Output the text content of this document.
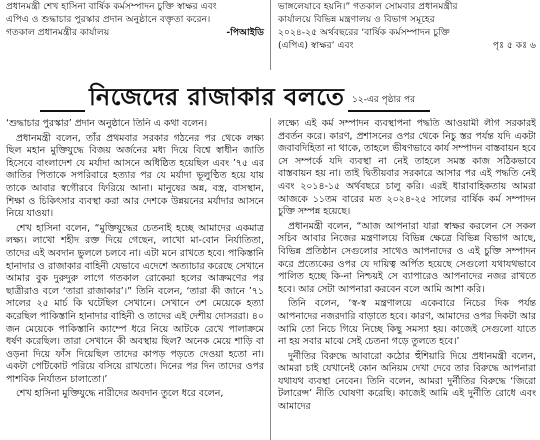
প্রধানমন্ত্রী শেখ হাসিনা বার্ষিক কর্মসম্পাদন চুক্তি স্বাক্ষর এবং
এপিএ ও শুদ্ধাচার পুরস্কার প্রদান অনুষ্ঠানে বক্তৃতা করেন।
গতকাল প্রধানমন্ত্রীর কার্যালয়	-পিআইডি
ভাঙ্গলেযাবে হয়নি।” গতকাল সোমবার প্রধানমন্ত্রীর
কার্যালয়ে বিভিন্ন মন্ত্রণালয় ও বিভাগ সমূহের
২০২৪-২৫ অর্থবছরের ‘বার্ষিক কর্মসম্পাদন চুক্তি
(এপিএ) স্বাক্ষর’ এবং	পৃঃ ৫ কঃ ৬
নিজেদের রাজাকার বলতে ১২-এর পৃষ্ঠার পর

‘শুদ্ধাচার পুরস্কার’ প্রদান অনুষ্ঠানে তিনি এ কথা বলেন।

প্রধানমন্ত্রী বলেন, তাঁর প্রথমবার সরকার গঠনের পর থেকে লক্ষ্য ছিল মহান মুক্তিযুদ্ধে বিজয় অর্জনের মধ্য দিয়ে বিশ্বে স্বাধীন জাতি হিসেবে বাংলাদেশ যে মর্যাদা আসনে অধিষ্ঠিত হয়েছিল এবং ’৭৫ এর জাতির পিতাকে সপরিবারে হত্যার পর যে মর্যাদা ভূলুণ্ঠিত হয়ে যায় তাকে আবার স্বগৌরবে ফিরিয়ে আনা। মানুষের অন্ন, বস্ত্র, বাসস্থান, শিক্ষা ও চিকিৎসার ব্যবস্থা করা আর দেশকে উন্নয়নের মর্যাদার আসনে নিয়ে যাওয়া।

শেখ হাসিনা বলেন, “মুক্তিযুদ্ধের চেতনাই হচ্ছে আমাদের একমাত্র লক্ষ্য। লাখো শহীদ রক্ত দিয়ে গেছেন, লাখো মা-বোন নির্যাতিতা, তাদের এই অবদান ভুললে চলবে না। এটা মনে রাখতে হবে। পাকিস্তানি হানাদার ও রাজাকার বাহিনী যেভাবে এদেশে অত্যাচার করেছে সেখানে আমার বুক দুরুদুরু লাগে গতকাল রোকেয়া হলের আক্রমণের পর ছাত্রীরাও বলে ‘তারা রাজাকার’।” তিনি বলেন, ‘তারা কী জানে ’৭১ সালের ২৫ মার্চ কি ঘটেছিল সেখানে। সেখানে ৩শ মেয়েকে হত্যা করেছিল পাকিস্তানি হানাদার বাহিনী ও তাদের এই দেশীয় দোসররা। ৪০ জন মেয়েকে পাকিস্তানি ক্যাম্পে ধরে নিয়ে আটকে রেখে পালাক্রমে ধর্ষণ করেছিল। তারা সেখানে কী অবস্থায় ছিল? অনেক মেয়ে শাড়ি বা ওড়না দিয়ে ফাঁস দিয়েছিল তাদের কাপড় পড়তে দেওয়া হতো না। একটা পেটিকোট পরিয়ে বসিয়ে রাখতো। দিনের পর দিন তাদের ওপর পাশবিক নির্যাতন চালাতো।’

শেখ হাসিনা মুক্তিযুদ্ধে নারীদের অবদান তুলে ধরে বলেন,

লক্ষ্যে এই কর্ম সম্পাদন ব্যবস্থাপনা পদ্ধতি আওয়ামী লীগ সরকারই প্রবর্তন করে। কারণ, প্রশাসনের ওপর থেকে নিচু স্তর পর্যন্ত যদি একটা জবাবদিহিতা না থাকে, তাহলে ভীষণভাবে কার্য সম্পাদন বাস্তবায়ন হবে সে সম্পর্কে যদি ব্যবস্থা না নেই তাহলে সমস্ত কাজ সঠিকভাবে বাস্তবায়ন হয় না। তাই দ্বিতীয়বার সরকারে আসার পর এই পদ্ধতি নেই এবং ২০১৪-১৫ অর্থবছরে চালু করি। এরই ধারাবাহিকতায় আমরা আজকে ১১তম বারের মত ২০২৪-২৫ সালের বার্ষিক কর্ম সম্পাদন চুক্তি সম্পন্ন হয়েছে।

প্রধানমন্ত্রী বলেন, “আজ আপনারা যারা স্বাক্ষর করলেন সে সকল সচিব আবার নিজের মন্ত্রণালয়ে বিভিন্ন ক্ষেত্রে বিভিন্ন বিভাগ আছে, বিভিন্ন প্রতিষ্ঠান সেগুলোর সাথেও আপনাদের ও এই চুক্তি সম্পাদন করে প্রত্যেকের ওপর যে দায়িত্ব অর্পিত হয়েছে সেগুলো যথাযথভাবে পালিত হচ্ছে কি-না নিশ্চয়ই সে ব্যাপারেও আপনাদের নজর রাখতে হবে। আর সেটা আপনারা করবেন বলে আমি আশা করি।

তিনি বলেন, ‘স্ব-স্ব মন্ত্রণালয়ে একেবারে নিচের দিক পর্যন্ত আপনাদের নজরদারি বাড়াতে হবে। কারণ, আমাদের ওপর দিকটা আর আমি তো নিচে গিয়ে নিচ্ছে কিছু সমস্যা হয়। কাজেই সেগুলো যাতে না হয় সবার মাঝে সেই চেতনা গড়ে তুলতে হবে।’

দুর্নীতির বিরুদ্ধে আবারো কঠোর হুঁশিয়ারি দিয়ে প্রধানমন্ত্রী বলেন, আমরা চাই যেখানেই কোন অনিয়ম দেখা দেবে তার বিরুদ্ধে আপনারা যথাযথ ব্যবস্থা নেবেন। তিনি বলেন, আমরা দুর্নীতির বিরুদ্ধে ‘জিরো টলারেন্স’ নীতি ঘোষণা করেছি। কাজেই আমি এই দুর্নীতি রোধে এবং আমাদের
